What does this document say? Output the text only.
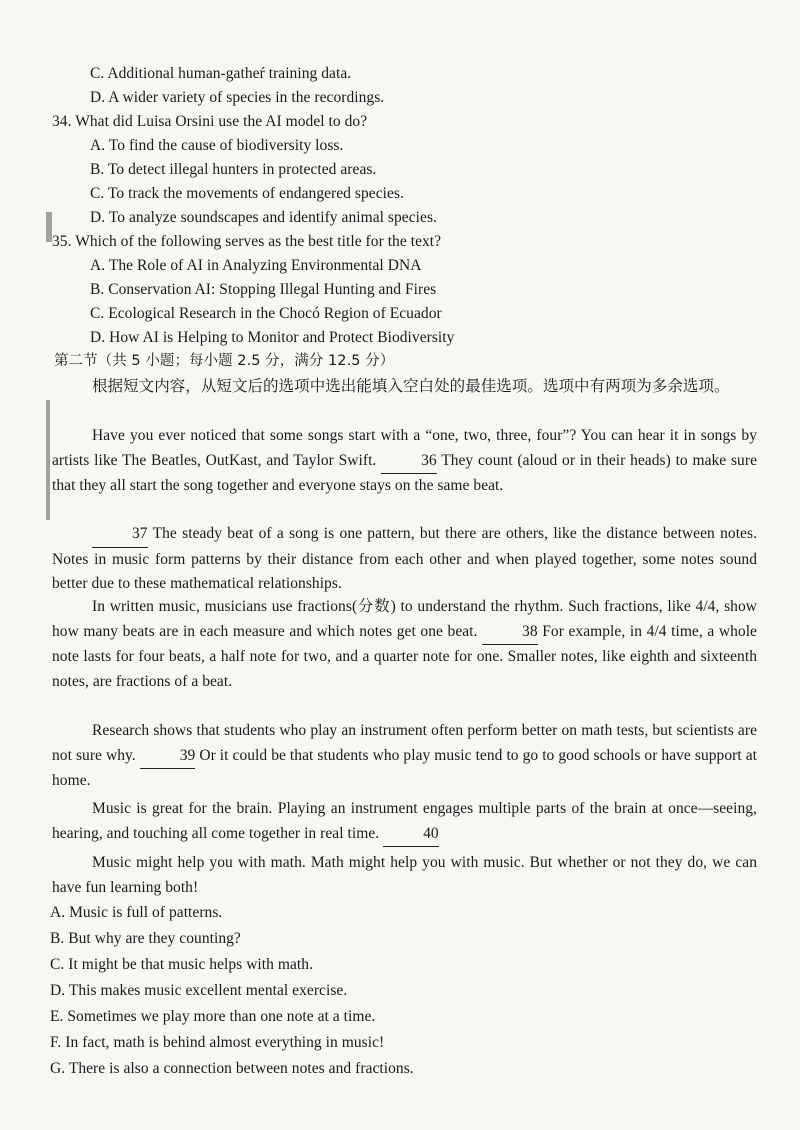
C. Additional human-gatheŕ training data.
D. A wider variety of species in the recordings.
34. What did Luisa Orsini use the AI model to do?
A. To find the cause of biodiversity loss.
B. To detect illegal hunters in protected areas.
C. To track the movements of endangered species.
D. To analyze soundscapes and identify animal species.
35. Which of the following serves as the best title for the text?
A. The Role of AI in Analyzing Environmental DNA
B. Conservation AI: Stopping Illegal Hunting and Fires
C. Ecological Research in the Chocó Region of Ecuador
D. How AI is Helping to Monitor and Protect Biodiversity
第二节（共 5 小题；每小题 2.5 分，满分 12.5 分）
根据短文内容，从短文后的选项中选出能填入空白处的最佳选项。选项中有两项为多余选项。
Have you ever noticed that some songs start with a “one, two, three, four”? You can hear it in songs by artists like The Beatles, OutKast, and Taylor Swift.	36 They count (aloud or in their heads) to make sure that they all start the song together and everyone stays on the same beat.
37 The steady beat of a song is one pattern, but there are others, like the distance between notes. Notes in music form patterns by their distance from each other and when played together, some notes sound better due to these mathematical relationships.
In written music, musicians use fractions(分数) to understand the rhythm. Such fractions, like 4/4, show how many beats are in each measure and which notes get one beat.	38 For example, in 4/4 time, a whole note lasts for four beats, a half note for two, and a quarter note for one. Smaller notes, like eighth and sixteenth notes, are fractions of a beat.
Research shows that students who play an instrument often perform better on math tests, but scientists are not sure why.	39 Or it could be that students who play music tend to go to good schools or have support at home.
Music is great for the brain. Playing an instrument engages multiple parts of the brain at once—seeing, hearing, and touching all come together in real time.	40
Music might help you with math. Math might help you with music. But whether or not they do, we can have fun learning both!
A. Music is full of patterns.
B. But why are they counting?
C. It might be that music helps with math.
D. This makes music excellent mental exercise.
E. Sometimes we play more than one note at a time.
F. In fact, math is behind almost everything in music!
G. There is also a connection between notes and fractions.
